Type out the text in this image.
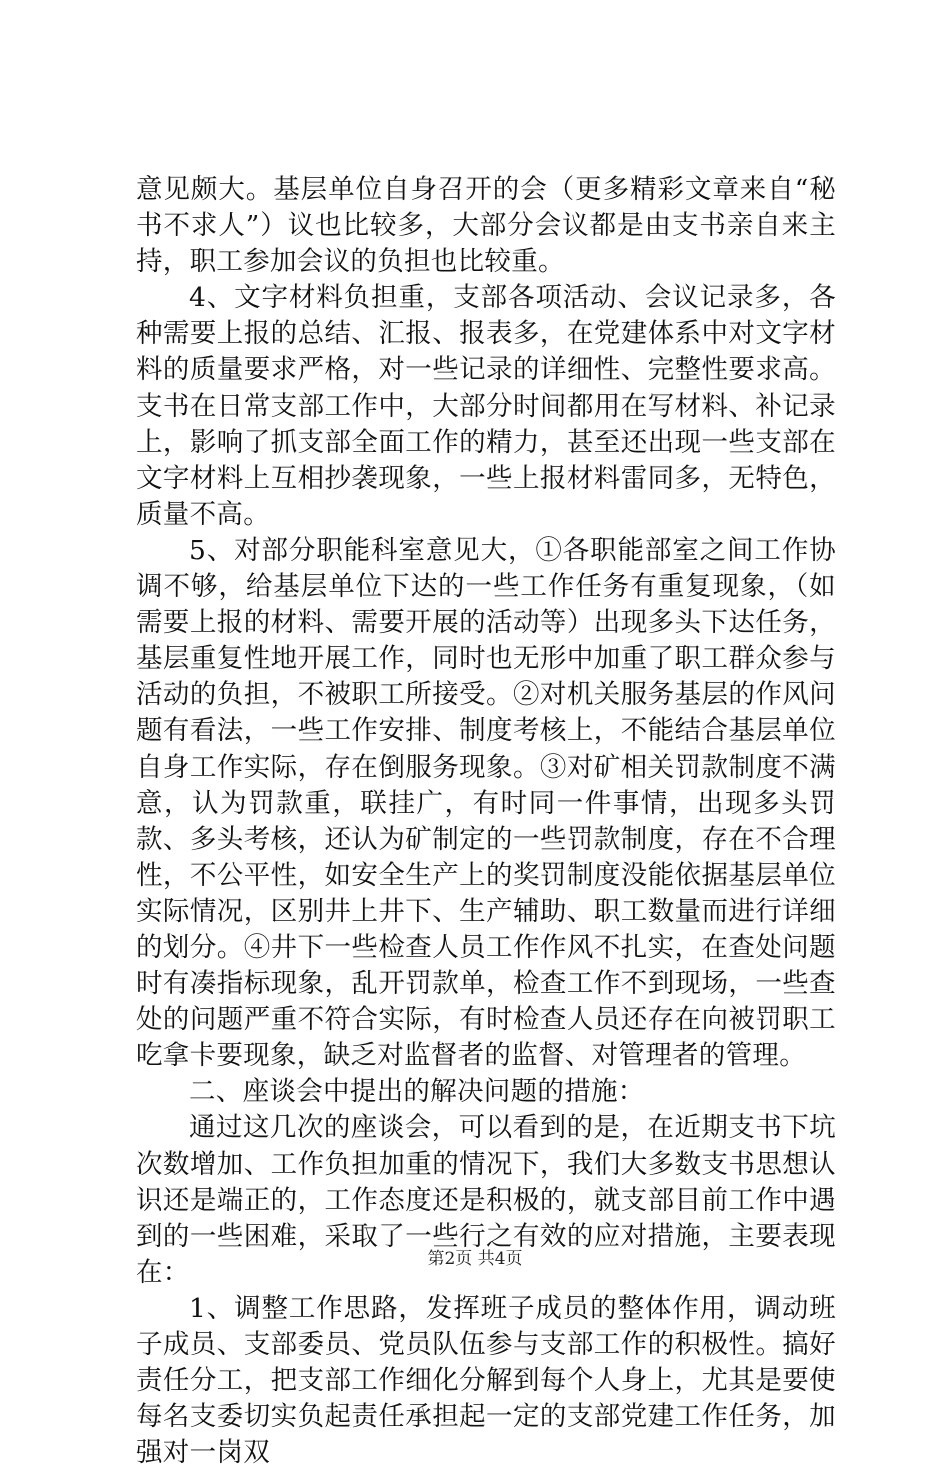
意见颇大。基层单位自身召开的会（更多精彩文章来自“秘书不求人”）议也比较多，大部分会议都是由支书亲自来主持，职工参加会议的负担也比较重。

4、文字材料负担重，支部各项活动、会议记录多，各种需要上报的总结、汇报、报表多，在党建体系中对文字材料的质量要求严格，对一些记录的详细性、完整性要求高。支书在日常支部工作中，大部分时间都用在写材料、补记录上，影响了抓支部全面工作的精力，甚至还出现一些支部在文字材料上互相抄袭现象，一些上报材料雷同多，无特色，质量不高。

5、对部分职能科室意见大，①各职能部室之间工作协调不够，给基层单位下达的一些工作任务有重复现象，（如需要上报的材料、需要开展的活动等）出现多头下达任务，基层重复性地开展工作，同时也无形中加重了职工群众参与活动的负担，不被职工所接受。②对机关服务基层的作风问题有看法，一些工作安排、制度考核上，不能结合基层单位自身工作实际，存在倒服务现象。③对矿相关罚款制度不满意，认为罚款重，联挂广，有时同一件事情，出现多头罚款、多头考核，还认为矿制定的一些罚款制度，存在不合理性，不公平性，如安全生产上的奖罚制度没能依据基层单位实际情况，区别井上井下、生产辅助、职工数量而进行详细的划分。④井下一些检查人员工作作风不扎实，在查处问题时有凑指标现象，乱开罚款单，检查工作不到现场，一些查处的问题严重不符合实际，有时检查人员还存在向被罚职工吃拿卡要现象，缺乏对监督者的监督、对管理者的管理。

二、座谈会中提出的解决问题的措施：

通过这几次的座谈会，可以看到的是，在近期支书下坑次数增加、工作负担加重的情况下，我们大多数支书思想认识还是端正的，工作态度还是积极的，就支部目前工作中遇到的一些困难，采取了一些行之有效的应对措施，主要表现在：

1、调整工作思路，发挥班子成员的整体作用，调动班子成员、支部委员、党员队伍参与支部工作的积极性。搞好责任分工，把支部工作细化分解到每个人身上，尤其是要使每名支委切实负起责任承担起一定的支部党建工作任务，加强对一岗双

第2页 共4页
